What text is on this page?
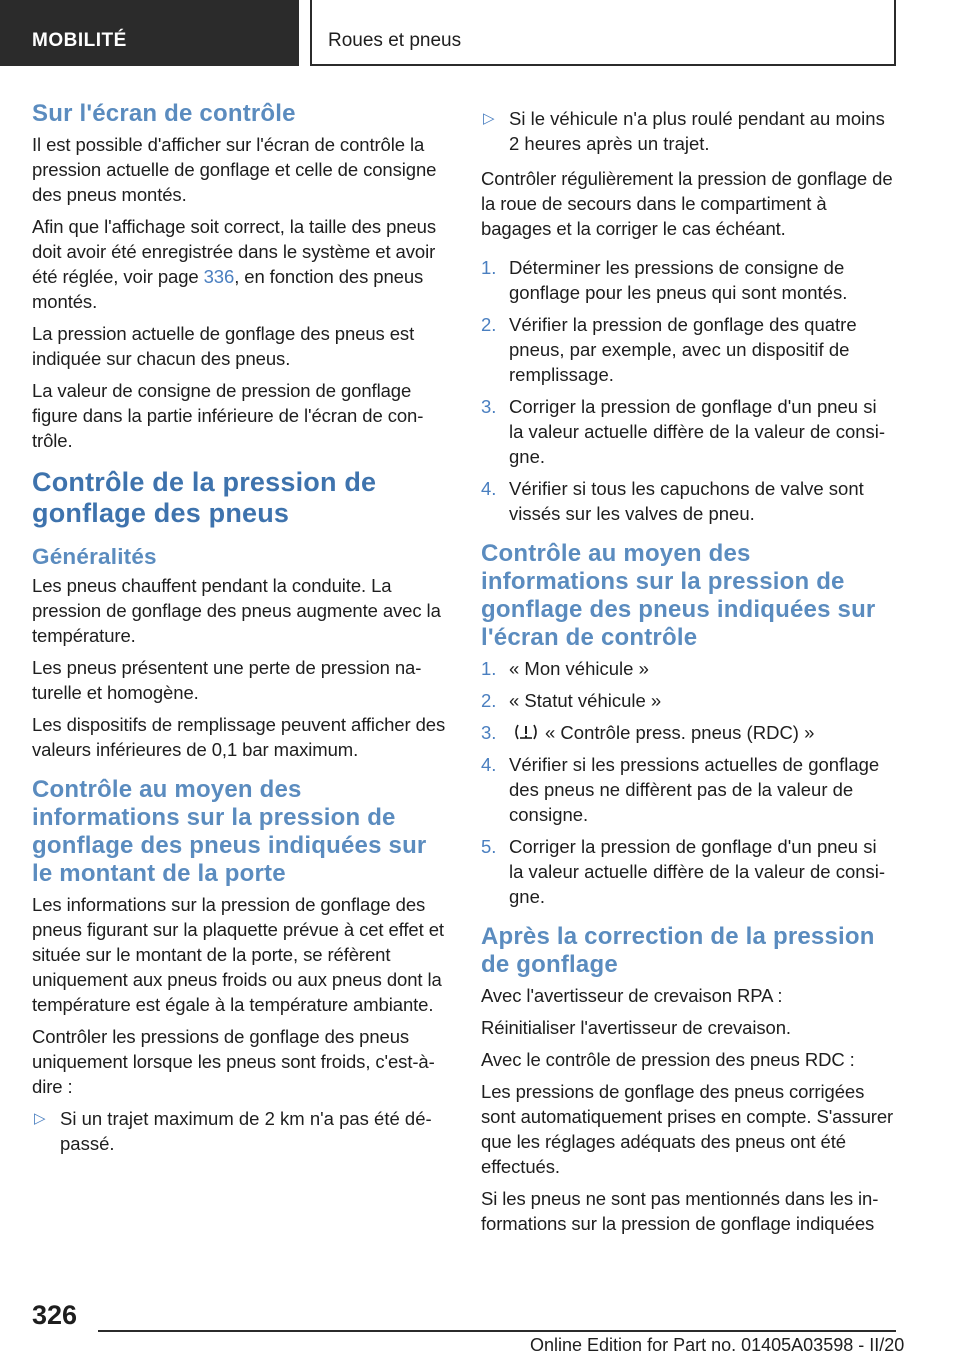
MOBILITÉ	Roues et pneus
Sur l'écran de contrôle

Il est possible d'afficher sur l'écran de contrôle la pression actuelle de gonflage et celle de consigne des pneus montés.

Afin que l'affichage soit correct, la taille des pneus doit avoir été enregistrée dans le système et avoir été réglée, voir page 336, en fonction des pneus montés.

La pression actuelle de gonflage des pneus est indiquée sur chacun des pneus.

La valeur de consigne de pression de gonflage figure dans la partie inférieure de l'écran de contrôle.

Contrôle de la pression de gonflage des pneus
Généralités

Les pneus chauffent pendant la conduite. La pression de gonflage des pneus augmente avec la température.

Les pneus présentent une perte de pression naturelle et homogène.

Les dispositifs de remplissage peuvent afficher des valeurs inférieures de 0,1 bar maximum.

Contrôle au moyen des informations sur la pression de gonflage des pneus indiquées sur le montant de la porte

Les informations sur la pression de gonflage des pneus figurant sur la plaquette prévue à cet effet et située sur le montant de la porte, se réfèrent uniquement aux pneus froids ou aux pneus dont la température est égale à la température ambiante.

Contrôler les pressions de gonflage des pneus uniquement lorsque les pneus sont froids, c'est-à-dire :

▷ Si un trajet maximum de 2 km n'a pas été dépassé.
▷ Si le véhicule n'a plus roulé pendant au moins 2 heures après un trajet.

Contrôler régulièrement la pression de gonflage de la roue de secours dans le compartiment à bagages et la corriger le cas échéant.

1. Déterminer les pressions de consigne de gonflage pour les pneus qui sont montés.
2. Vérifier la pression de gonflage des quatre pneus, par exemple, avec un dispositif de remplissage.
3. Corriger la pression de gonflage d'un pneu si la valeur actuelle diffère de la valeur de consigne.
4. Vérifier si tous les capuchons de valve sont vissés sur les valves de pneu.
Contrôle au moyen des informations sur la pression de gonflage des pneus indiquées sur l'écran de contrôle
1. « Mon véhicule »
2. « Statut véhicule »
3.	« Contrôle press. pneus (RDC) »
4. Vérifier si les pressions actuelles de gonflage des pneus ne diffèrent pas de la valeur de consigne.
5. Corriger la pression de gonflage d'un pneu si la valeur actuelle diffère de la valeur de consigne.
Après la correction de la pression de gonflage

Avec l'avertisseur de crevaison RPA :

Réinitialiser l'avertisseur de crevaison.

Avec le contrôle de pression des pneus RDC :

Les pressions de gonflage des pneus corrigées sont automatiquement prises en compte. S'assurer que les réglages adéquats des pneus ont été effectués.

Si les pneus ne sont pas mentionnés dans les informations sur la pression de gonflage indiquées

326
Online Edition for Part no. 01405A03598 - II/20
